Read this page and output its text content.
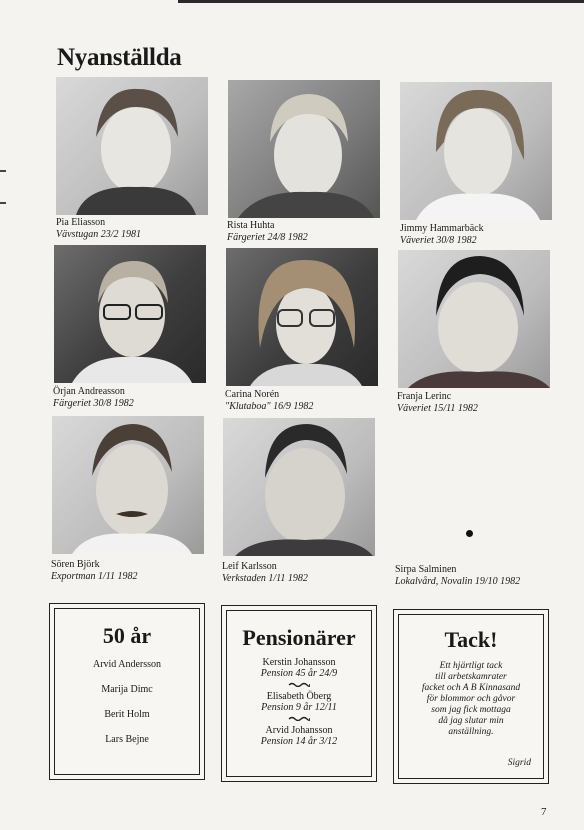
Nyanställda
Pia Eliasson
Vävstugan 23/2 1981
Rista Huhta
Färgeriet 24/8 1982
Jimmy Hammarbäck
Väveriet 30/8 1982
Örjan Andreasson
Färgeriet 30/8 1982
Carina Norén
"Klutaboa" 16/9 1982
Franja Lerinc
Väveriet 15/11 1982
Sören Björk
Exportman 1/11 1982
Leif Karlsson
Verkstaden 1/11 1982
Sirpa Salminen
Lokalvård, Novalin 19/10 1982
50 år
Arvid Andersson
Marija Dimc
Berit Holm
Lars Bejne
Pensionärer
Kerstin Johansson
Pension 45 år 24/9
Elisabeth Öberg
Pension 9 år 12/11
Arvid Johansson
Pension 14 år 3/12
Tack!
Ett hjärtligt tack
till arbetskamrater
facket och A B Kinnasand
för blommor och gåvor
som jag fick mottaga
då jag slutar min
anställning.
Sigrid
7
